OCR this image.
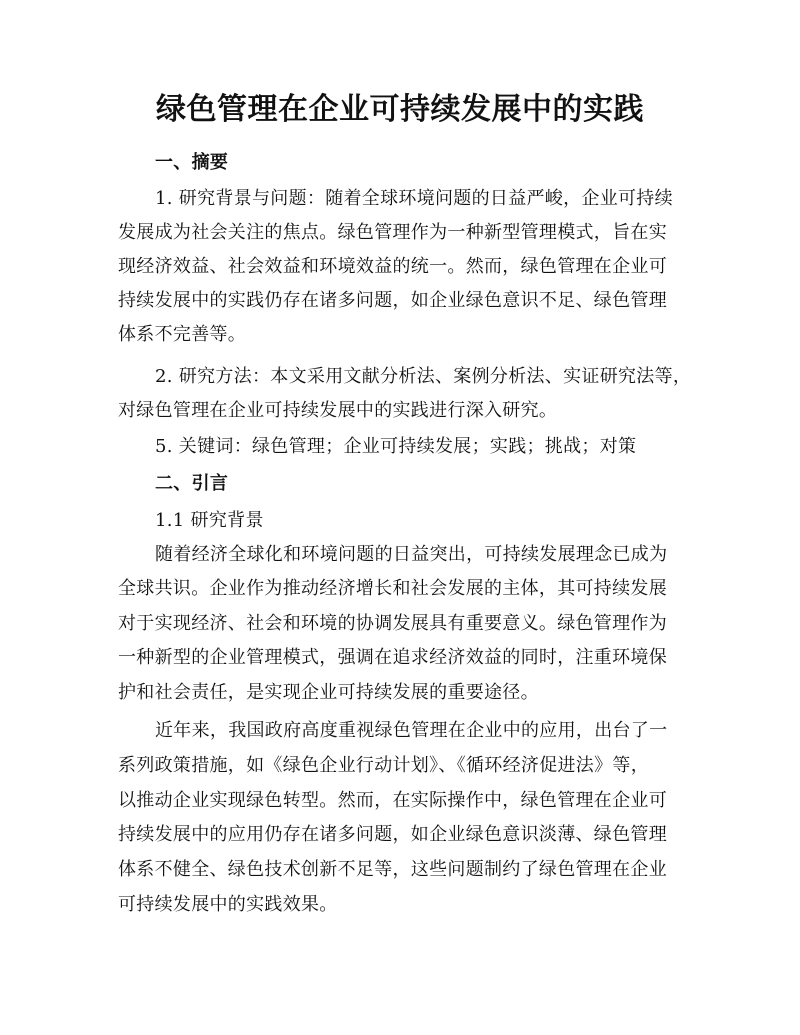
绿色管理在企业可持续发展中的实践
一、摘要
1. 研究背景与问题：随着全球环境问题的日益严峻，企业可持续
发展成为社会关注的焦点。绿色管理作为一种新型管理模式，旨在实
现经济效益、社会效益和环境效益的统一。然而，绿色管理在企业可
持续发展中的实践仍存在诸多问题，如企业绿色意识不足、绿色管理
体系不完善等。
2. 研究方法：本文采用文献分析法、案例分析法、实证研究法等，
对绿色管理在企业可持续发展中的实践进行深入研究。
5. 关键词：绿色管理；企业可持续发展；实践；挑战；对策
二、引言
1.1 研究背景
随着经济全球化和环境问题的日益突出，可持续发展理念已成为
全球共识。企业作为推动经济增长和社会发展的主体，其可持续发展
对于实现经济、社会和环境的协调发展具有重要意义。绿色管理作为
一种新型的企业管理模式，强调在追求经济效益的同时，注重环境保
护和社会责任，是实现企业可持续发展的重要途径。
近年来，我国政府高度重视绿色管理在企业中的应用，出台了一
系列政策措施，如《绿色企业行动计划》、《循环经济促进法》等，
以推动企业实现绿色转型。然而，在实际操作中，绿色管理在企业可
持续发展中的应用仍存在诸多问题，如企业绿色意识淡薄、绿色管理
体系不健全、绿色技术创新不足等，这些问题制约了绿色管理在企业
可持续发展中的实践效果。
